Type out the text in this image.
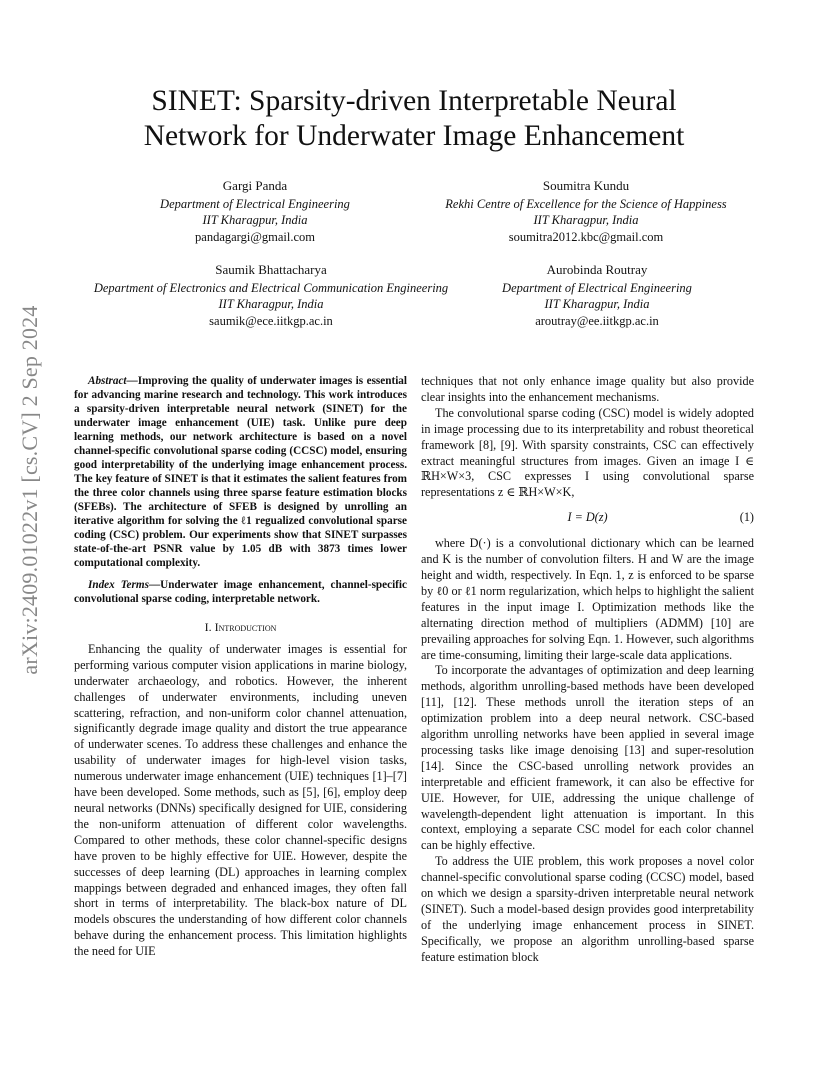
arXiv:2409.01022v1 [cs.CV] 2 Sep 2024
SINET: Sparsity-driven Interpretable Neural
Network for Underwater Image Enhancement
Gargi Panda
Department of Electrical Engineering
IIT Kharagpur, India
pandagargi@gmail.com
Soumitra Kundu
Rekhi Centre of Excellence for the Science of Happiness
IIT Kharagpur, India
soumitra2012.kbc@gmail.com
Saumik Bhattacharya
Department of Electronics and Electrical Communication Engineering
IIT Kharagpur, India
saumik@ece.iitkgp.ac.in
Aurobinda Routray
Department of Electrical Engineering
IIT Kharagpur, India
aroutray@ee.iitkgp.ac.in

Abstract—Improving the quality of underwater images is essential for advancing marine research and technology. This work introduces a sparsity-driven interpretable neural network (SINET) for the underwater image enhancement (UIE) task. Unlike pure deep learning methods, our network architecture is based on a novel channel-specific convolutional sparse coding (CCSC) model, ensuring good interpretability of the underlying image enhancement process. The key feature of SINET is that it estimates the salient features from the three color channels using three sparse feature estimation blocks (SFEBs). The architecture of SFEB is designed by unrolling an iterative algorithm for solving the ℓ1 regualized convolutional sparse coding (CSC) problem. Our experiments show that SINET surpasses state-of-the-art PSNR value by 1.05 dB with 3873 times lower computational complexity.

Index Terms—Underwater image enhancement, channel-specific convolutional sparse coding, interpretable network.

I. Introduction

Enhancing the quality of underwater images is essential for performing various computer vision applications in marine biology, underwater archaeology, and robotics. However, the inherent challenges of underwater environments, including uneven scattering, refraction, and non-uniform color channel attenuation, significantly degrade image quality and distort the true appearance of underwater scenes. To address these challenges and enhance the usability of underwater images for high-level vision tasks, numerous underwater image enhancement (UIE) techniques [1]–[7] have been developed. Some methods, such as [5], [6], employ deep neural networks (DNNs) specifically designed for UIE, considering the non-uniform attenuation of different color wavelengths. Compared to other methods, these color channel-specific designs have proven to be highly effective for UIE. However, despite the successes of deep learning (DL) approaches in learning complex mappings between degraded and enhanced images, they often fall short in terms of interpretability. The black-box nature of DL models obscures the understanding of how different color channels behave during the enhancement process. This limitation highlights the need for UIE

techniques that not only enhance image quality but also provide clear insights into the enhancement mechanisms.

The convolutional sparse coding (CSC) model is widely adopted in image processing due to its interpretability and robust theoretical framework [8], [9]. With sparsity constraints, CSC can effectively extract meaningful structures from images. Given an image I ∈ ℝH×W×3, CSC expresses I using convolutional sparse representations z ∈ ℝH×W×K,

I = D(z)	(1)

where D(·) is a convolutional dictionary which can be learned and K is the number of convolution filters. H and W are the image height and width, respectively. In Eqn. 1, z is enforced to be sparse by ℓ0 or ℓ1 norm regularization, which helps to highlight the salient features in the input image I. Optimization methods like the alternating direction method of multipliers (ADMM) [10] are prevailing approaches for solving Eqn. 1. However, such algorithms are time-consuming, limiting their large-scale data applications.

To incorporate the advantages of optimization and deep learning methods, algorithm unrolling-based methods have been developed [11], [12]. These methods unroll the iteration steps of an optimization problem into a deep neural network. CSC-based algorithm unrolling networks have been applied in several image processing tasks like image denoising [13] and super-resolution [14]. Since the CSC-based unrolling network provides an interpretable and efficient framework, it can also be effective for UIE. However, for UIE, addressing the unique challenge of wavelength-dependent light attenuation is important. In this context, employing a separate CSC model for each color channel can be highly effective.

To address the UIE problem, this work proposes a novel color channel-specific convolutional sparse coding (CCSC) model, based on which we design a sparsity-driven interpretable neural network (SINET). Such a model-based design provides good interpretability of the underlying image enhancement process in SINET. Specifically, we propose an algorithm unrolling-based sparse feature estimation block
